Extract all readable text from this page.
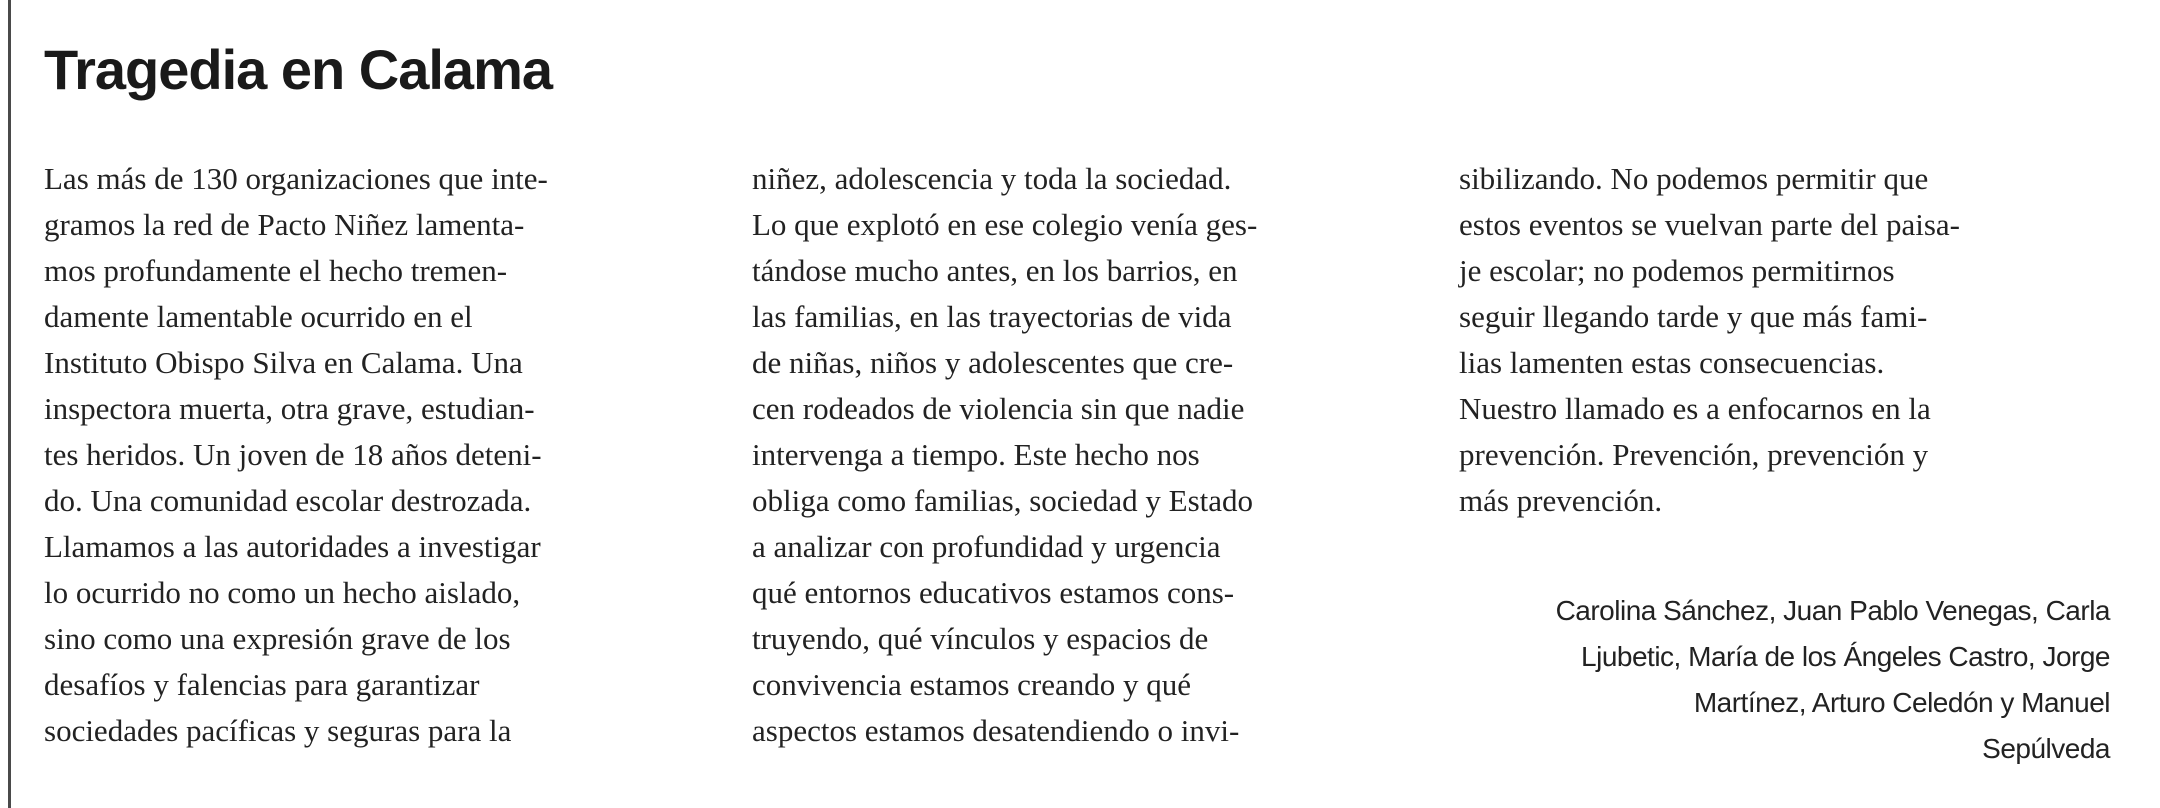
Tragedia en Calama
Las más de 130 organizaciones que inte-
gramos la red de Pacto Niñez lamenta-
mos profundamente el hecho tremen-
damente lamentable ocurrido en el
Instituto Obispo Silva en Calama. Una
inspectora muerta, otra grave, estudian-
tes heridos. Un joven de 18 años deteni-
do. Una comunidad escolar destrozada.
Llamamos a las autoridades a investigar
lo ocurrido no como un hecho aislado,
sino como una expresión grave de los
desafíos y falencias para garantizar
sociedades pacíficas y seguras para la
niñez, adolescencia y toda la sociedad.
Lo que explotó en ese colegio venía ges-
tándose mucho antes, en los barrios, en
las familias, en las trayectorias de vida
de niñas, niños y adolescentes que cre-
cen rodeados de violencia sin que nadie
intervenga a tiempo. Este hecho nos
obliga como familias, sociedad y Estado
a analizar con profundidad y urgencia
qué entornos educativos estamos cons-
truyendo, qué vínculos y espacios de
convivencia estamos creando y qué
aspectos estamos desatendiendo o invi-
sibilizando. No podemos permitir que
estos eventos se vuelvan parte del paisa-
je escolar; no podemos permitirnos
seguir llegando tarde y que más fami-
lias lamenten estas consecuencias.
Nuestro llamado es a enfocarnos en la
prevención. Prevención, prevención y
más prevención.
Carolina Sánchez, Juan Pablo Venegas, Carla
Ljubetic, María de los Ángeles Castro, Jorge
Martínez, Arturo Celedón y Manuel
Sepúlveda
